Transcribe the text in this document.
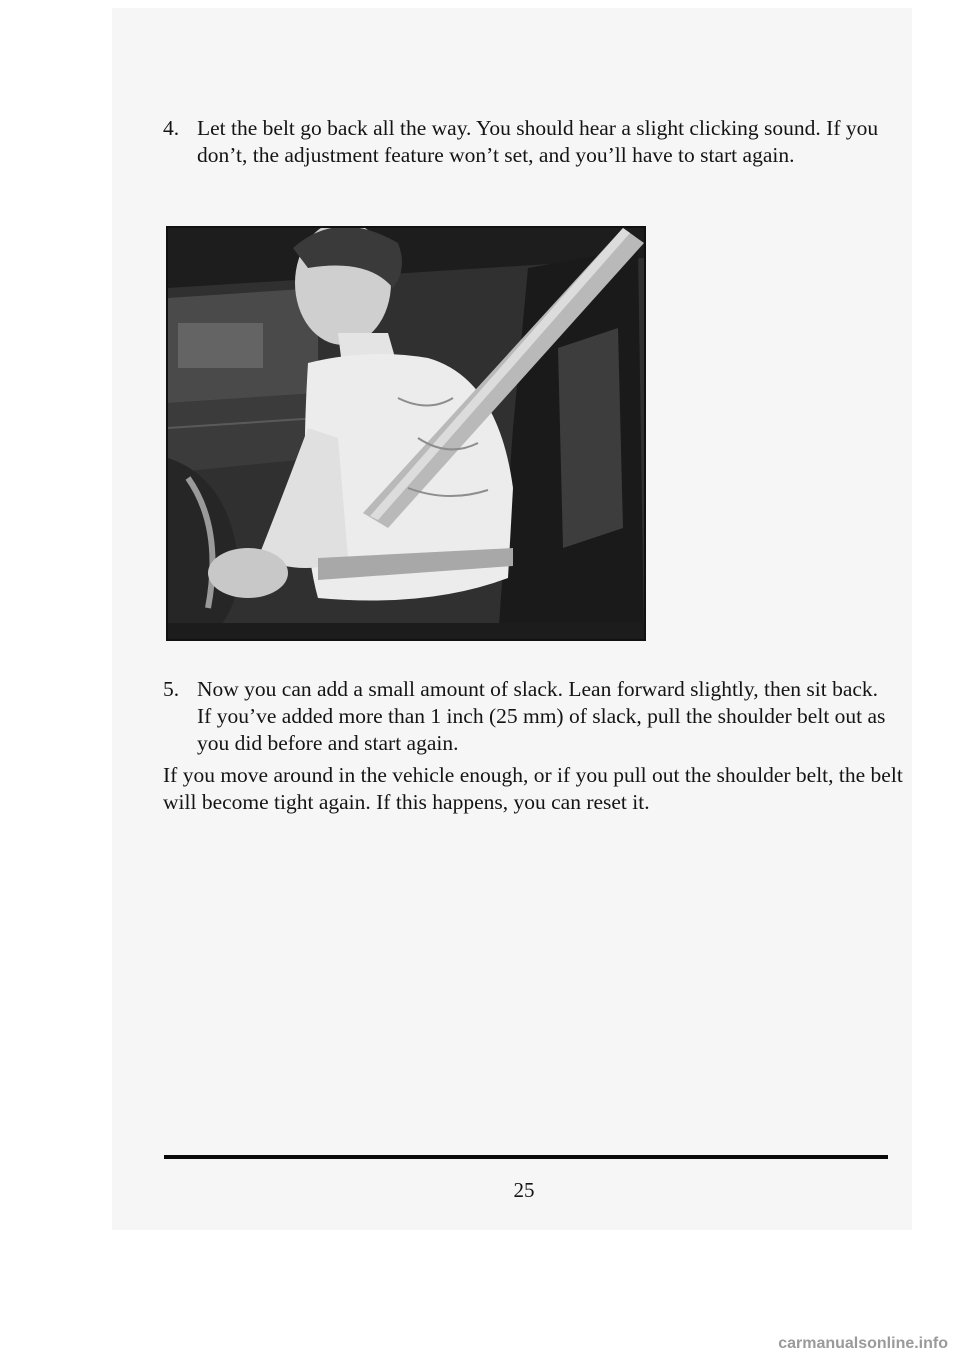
4. Let the belt go back all the way. You should hear a slight clicking sound. If you don’t, the adjustment feature won’t set, and you’ll have to start again.
5. Now you can add a small amount of slack. Lean forward slightly, then sit back. If you’ve added more than 1 inch (25 mm) of slack, pull the shoulder belt out as you did before and start again.
If you move around in the vehicle enough, or if you pull out the shoulder belt, the belt will become tight again. If this happens, you can reset it.
25
carmanualsonline.info
